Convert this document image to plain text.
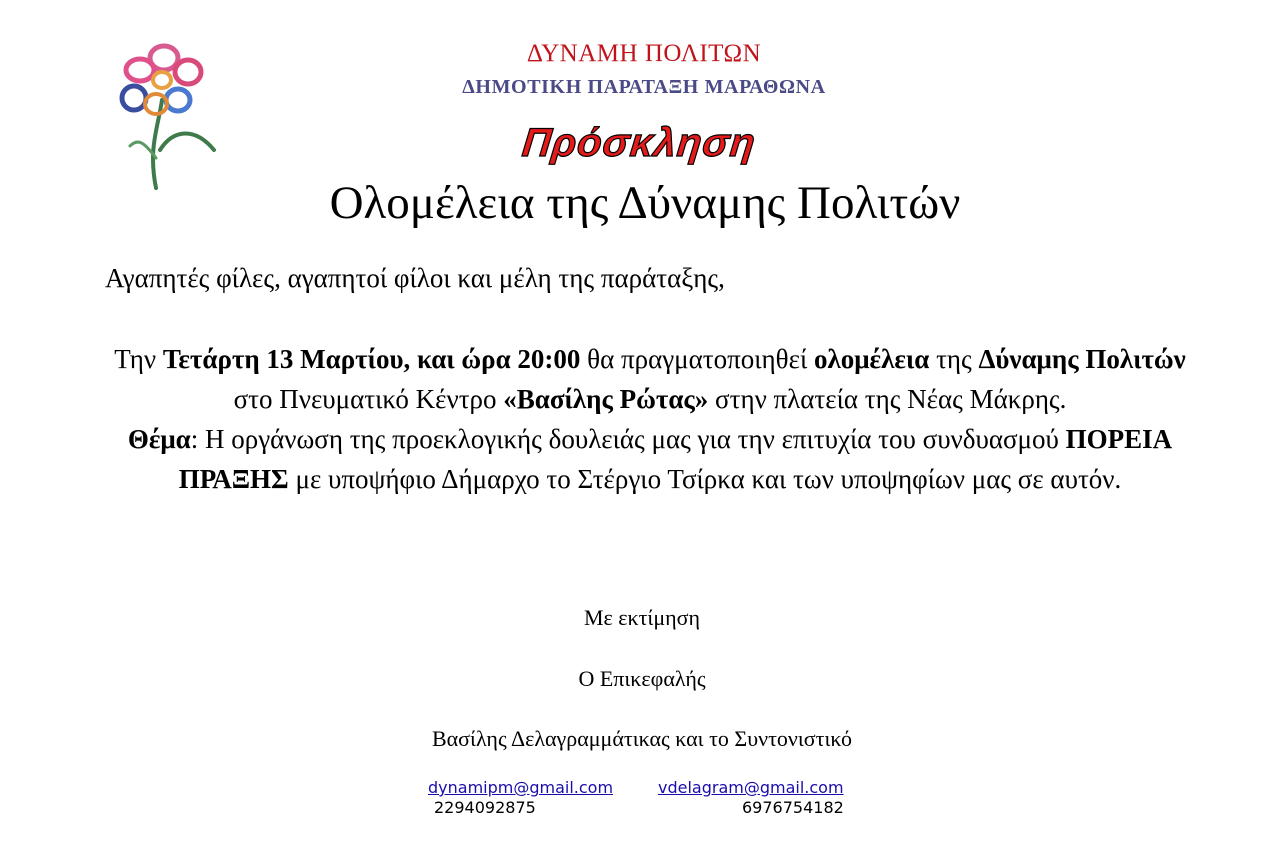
ΔΥΝΑΜΗ ΠΟΛΙΤΩΝ
ΔΗΜΟΤΙΚΗ ΠΑΡΑΤΑΞΗ ΜΑΡΑΘΩΝΑ
Πρόσκληση
Ολομέλεια της Δύναμης Πολιτών
Αγαπητές φίλες, αγαπητοί φίλοι και μέλη της παράταξης,
Την Τετάρτη 13 Μαρτίου, και ώρα 20:00 θα πραγματοποιηθεί ολομέλεια της Δύναμης Πολιτών στο Πνευματικό Κέντρο «Βασίλης Ρώτας» στην πλατεία της Νέας Μάκρης.
Θέμα: Η οργάνωση της προεκλογικής δουλειάς μας για την επιτυχία του συνδυασμού ΠΟΡΕΙΑ ΠΡΑΞΗΣ με υποψήφιο Δήμαρχο το Στέργιο Τσίρκα και των υποψηφίων μας σε αυτόν.
Με εκτίμηση
Ο Επικεφαλής
Βασίλης Δελαγραμμάτικας και το Συντονιστικό
dynamipm@gmail.com
2294092875
vdelagram@gmail.com
6976754182
